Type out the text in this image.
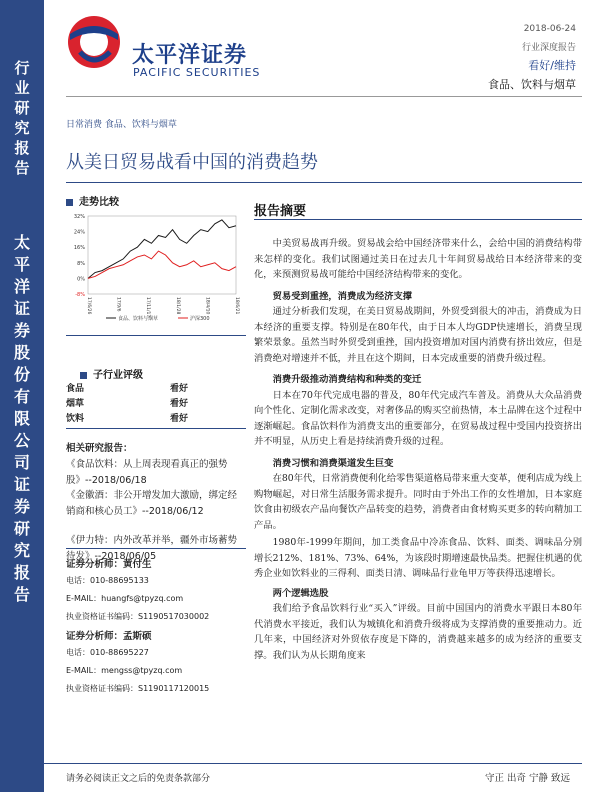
行业研究报告
太平洋证券股份有限公司证券研究报告
太平洋证券
PACIFIC SECURITIES
2018-06-24
行业深度报告
看好/维持
食品、饮料与烟草
日常消费 食品、饮料与烟草
从美日贸易战看中国的消费趋势
走势比较
32%
24%
16%
8%
0%
-8%
17/6/26	17/9/6	17/11/17	18/1/28	18/4/10	18/6/21
食品、饮料与烟草	沪深300
子行业评级
食品	看好
烟草	看好
饮料	看好
相关研究报告：
《食品饮料：从上周表现看真正的强势股》--2018/06/18
《金徽酒：非公开增发加大激励，绑定经销商和核心员工》--2018/06/12
《伊力特：内外改革并举，疆外市场蓄势待发》--2018/06/05
证券分析师：黄付生
电话：010-88695133
E-MAIL：huangfs@tpyzq.com
执业资格证书编码：S1190517030002
证券分析师：孟斯硕
电话：010-88695227
E-MAIL：mengss@tpyzq.com
执业资格证书编码：S1190117120015
报告摘要

中美贸易战再升级。贸易战会给中国经济带来什么，会给中国的消费结构带来怎样的变化。我们试图通过美日在过去几十年间贸易战给日本经济带来的变化，来预测贸易战可能给中国经济结构带来的变化。

贸易受到重挫，消费成为经济支撑

通过分析我们发现，在美日贸易战期间，外贸受到很大的冲击，消费成为日本经济的重要支撑。特别是在80年代，由于日本人均GDP快速增长，消费呈现繁荣景象。虽然当时外贸受到重挫，国内投资增加对国内消费有挤出效应，但是消费绝对增速并不低，并且在这个期间，日本完成重要的消费升级过程。

消费升级推动消费结构和种类的变迁

日本在70年代完成电器的普及，80年代完成汽车普及。消费从大众品消费向个性化、定制化需求改变，对奢侈品的购买空前热情，本土品牌在这个过程中逐渐崛起。食品饮料作为消费支出的重要部分，在贸易战过程中受国内投资挤出并不明显，从历史上看是持续消费升级的过程。

消费习惯和消费渠道发生巨变

在80年代，日常消费便利化给零售渠道格局带来重大变革，便利店成为线上购物崛起，对日常生活服务需求提升。同时由于外出工作的女性增加，日本家庭饮食由初级农产品向餐饮产品转变的趋势，消费者由食材购买更多的转向精加工产品。

1980年-1999年期间，加工类食品中冷冻食品、饮料、面类、调味品分别增长212%、181%、73%、64%，为该段时期增速最快品类。把握住机遇的优秀企业如饮料业的三得利、面类日清、调味品行业龟甲万等获得迅速增长。

两个逻辑选股

我们给予食品饮料行业“买入”评级。目前中国国内的消费水平跟日本80年代消费水平接近，我们认为城镇化和消费升级将成为支撑消费的重要推动力。近几年来，中国经济对外贸依存度是下降的，消费越来越多的成为经济的重要支撑。我们认为从长期角度来

请务必阅读正文之后的免责条款部分	守正 出奇 宁静 致远
